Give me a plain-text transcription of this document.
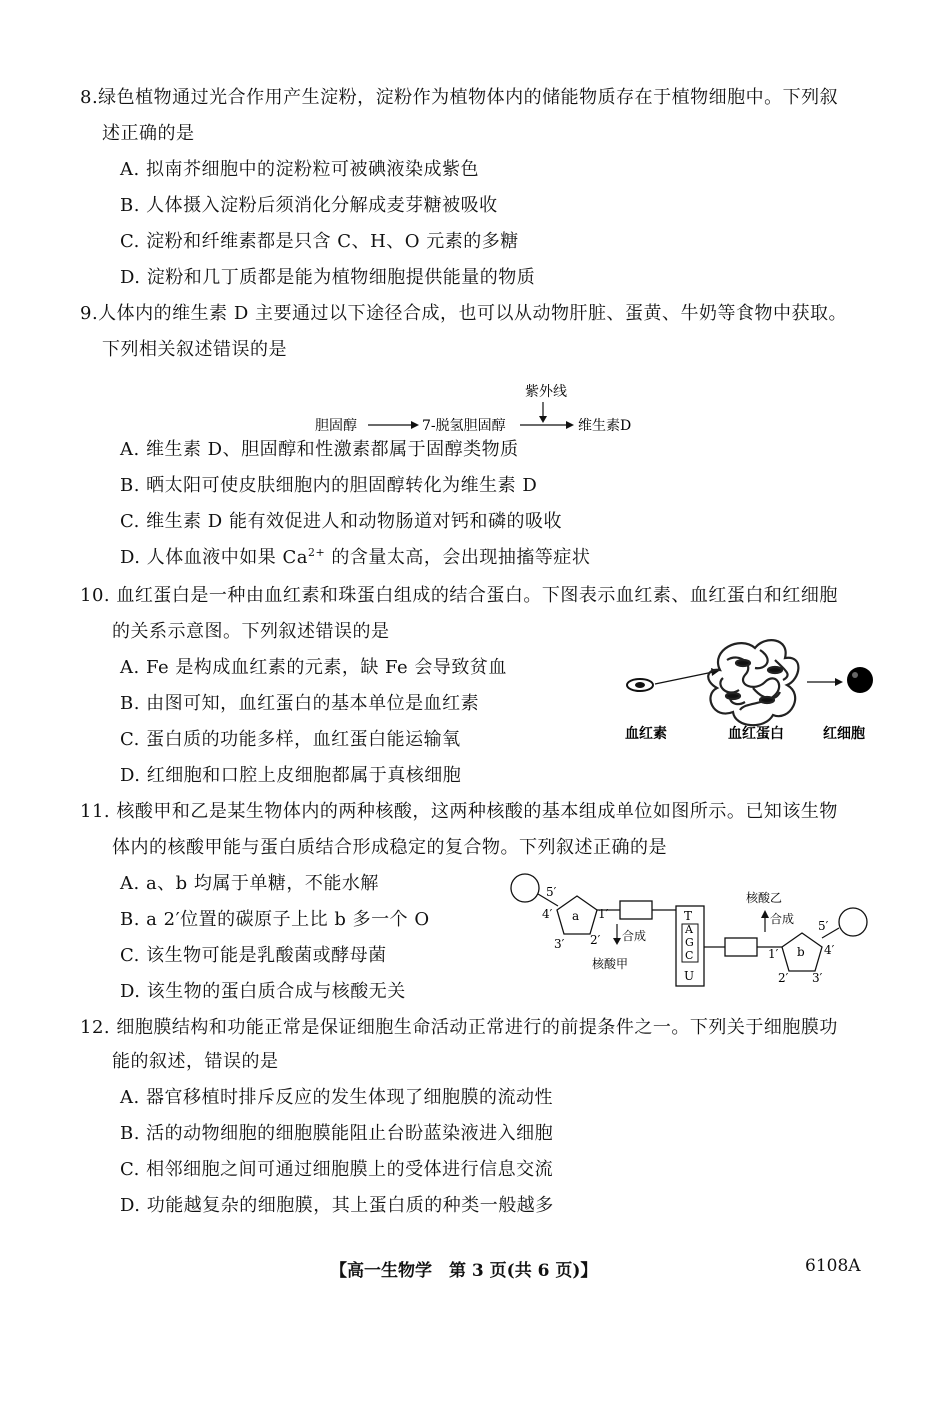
8.绿色植物通过光合作用产生淀粉，淀粉作为植物体内的储能物质存在于植物细胞中。下列叙
述正确的是
A. 拟南芥细胞中的淀粉粒可被碘液染成紫色
B. 人体摄入淀粉后须消化分解成麦芽糖被吸收
C. 淀粉和纤维素都是只含 C、H、O 元素的多糖
D. 淀粉和几丁质都是能为植物细胞提供能量的物质
9.人体内的维生素 D 主要通过以下途径合成，也可以从动物肝脏、蛋黄、牛奶等食物中获取。
下列相关叙述错误的是
紫外线
胆固醇	7-脱氢胆固醇	维生素D
A. 维生素 D、胆固醇和性激素都属于固醇类物质
B. 晒太阳可使皮肤细胞内的胆固醇转化为维生素 D
C. 维生素 D 能有效促进人和动物肠道对钙和磷的吸收
D. 人体血液中如果 $Ca^{2+}$ 的含量太高，会出现抽搐等症状
10. 血红蛋白是一种由血红素和珠蛋白组成的结合蛋白。下图表示血红素、血红蛋白和红细胞
的关系示意图。下列叙述错误的是
A. Fe 是构成血红素的元素，缺 Fe 会导致贫血
B. 由图可知，血红蛋白的基本单位是血红素
C. 蛋白质的功能多样，血红蛋白能运输氧
D. 红细胞和口腔上皮细胞都属于真核细胞
血红素	血红蛋白	红细胞
11. 核酸甲和乙是某生物体内的两种核酸，这两种核酸的基本组成单位如图所示。已知该生物
体内的核酸甲能与蛋白质结合形成稳定的复合物。下列叙述正确的是
A. a、b 均属于单糖，不能水解
B. a 2′位置的碳原子上比 b 多一个 O
C. 该生物可能是乳酸菌或酵母菌
D. 该生物的蛋白质合成与核酸无关
a
5′
4′
3′ 2′
1′
合成
核酸甲
T
A
G
C
U
b
1′	4′
2′ 3′
5′
合成
核酸乙
12. 细胞膜结构和功能正常是保证细胞生命活动正常进行的前提条件之一。下列关于细胞膜功
能的叙述，错误的是
A. 器官移植时排斥反应的发生体现了细胞膜的流动性
B. 活的动物细胞的细胞膜能阻止台盼蓝染液进入细胞
C. 相邻细胞之间可通过细胞膜上的受体进行信息交流
D. 功能越复杂的细胞膜，其上蛋白质的种类一般越多
【高一生物学　第 3 页(共 6 页)】	6108A
